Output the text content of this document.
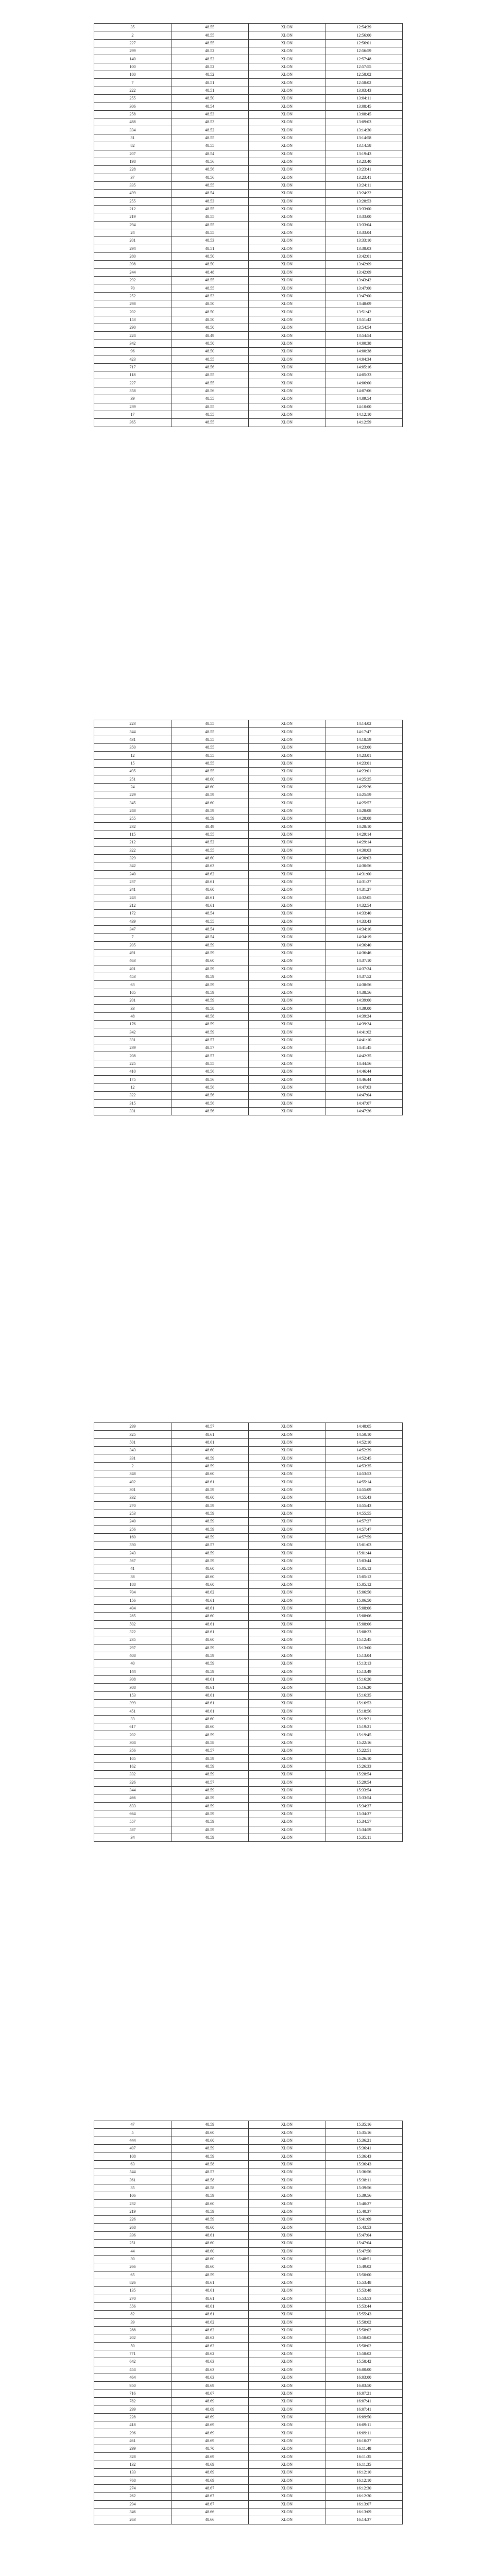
35	48.55	XLON	12:54:39
2	48.55	XLON	12:56:00
227	48.55	XLON	12:56:01
299	48.52	XLON	12:56:59
140	48.52	XLON	12:57:48
100	48.52	XLON	12:57:55
180	48.52	XLON	12:58:02
7	48.51	XLON	12:58:02
222	48.51	XLON	13:03:43
255	48.50	XLON	13:04:11
306	48.54	XLON	13:08:45
258	48.53	XLON	13:08:45
488	48.53	XLON	13:09:03
334	48.52	XLON	13:14:30
31	48.55	XLON	13:14:58
82	48.55	XLON	13:14:58
207	48.54	XLON	13:19:43
198	48.56	XLON	13:23:40
228	48.56	XLON	13:23:41
37	48.56	XLON	13:23:41
335	48.55	XLON	13:24:11
439	48.54	XLON	13:24:22
255	48.53	XLON	13:28:53
212	48.55	XLON	13:33:00
219	48.55	XLON	13:33:00
294	48.55	XLON	13:33:04
24	48.55	XLON	13:33:04
201	48.53	XLON	13:33:10
294	48.51	XLON	13:38:03
280	48.50	XLON	13:42:01
398	48.50	XLON	13:42:09
244	48.48	XLON	13:42:09
292	48.55	XLON	13:43:42
70	48.55	XLON	13:47:00
252	48.53	XLON	13:47:00
298	48.50	XLON	13:48:09
202	48.50	XLON	13:51:42
153	48.50	XLON	13:51:42
290	48.50	XLON	13:54:54
224	48.49	XLON	13:54:54
342	48.50	XLON	14:00:38
96	48.50	XLON	14:00:38
423	48.55	XLON	14:04:34
717	48.56	XLON	14:05:16
118	48.55	XLON	14:05:33
227	48.55	XLON	14:06:00
358	48.56	XLON	14:07:06
39	48.55	XLON	14:09:54
239	48.55	XLON	14:10:00
17	48.55	XLON	14:12:10
365	48.55	XLON	14:12:59
223	48.55	XLON	14:14:02
344	48.55	XLON	14:17:47
431	48.55	XLON	14:18:59
350	48.55	XLON	14:23:00
12	48.55	XLON	14:23:01
15	48.55	XLON	14:23:01
495	48.55	XLON	14:23:01
251	48.60	XLON	14:25:25
24	48.60	XLON	14:25:26
229	48.59	XLON	14:25:59
345	48.60	XLON	14:25:57
248	48.59	XLON	14:28:08
255	48.59	XLON	14:28:08
232	48.49	XLON	14:28:10
115	48.55	XLON	14:29:14
212	48.52	XLON	14:29:14
322	48.55	XLON	14:30:03
329	48.60	XLON	14:30:03
342	48.63	XLON	14:30:56
240	48.62	XLON	14:31:00
237	48.61	XLON	14:31:27
241	48.60	XLON	14:31:27
243	48.61	XLON	14:32:05
212	48.61	XLON	14:32:54
172	48.54	XLON	14:33:40
439	48.55	XLON	14:33:43
347	48.54	XLON	14:34:16
7	48.54	XLON	14:34:19
205	48.59	XLON	14:36:40
491	48.59	XLON	14:36:46
463	48.60	XLON	14:37:10
401	48.59	XLON	14:37:24
453	48.59	XLON	14:37:52
63	48.59	XLON	14:38:56
105	48.59	XLON	14:38:56
201	48.59	XLON	14:39:00
33	48.58	XLON	14:39:00
48	48.58	XLON	14:39:24
176	48.59	XLON	14:39:24
342	48.59	XLON	14:41:02
331	48.57	XLON	14:41:10
239	48.57	XLON	14:41:45
208	48.57	XLON	14:42:35
225	48.55	XLON	14:44:56
410	48.56	XLON	14:46:44
175	48.56	XLON	14:46:44
12	48.56	XLON	14:47:03
322	48.56	XLON	14:47:04
315	48.56	XLON	14:47:07
331	48.56	XLON	14:47:26
299	48.57	XLON	14:48:05
325	48.61	XLON	14:50:10
501	48.61	XLON	14:52:10
343	48.60	XLON	14:52:39
331	48.59	XLON	14:52:45
2	48.59	XLON	14:53:35
348	48.60	XLON	14:53:53
402	48.61	XLON	14:55:14
301	48.59	XLON	14:55:09
332	48.60	XLON	14:55:43
270	48.59	XLON	14:55:43
253	48.59	XLON	14:55:55
240	48.59	XLON	14:57:27
256	48.59	XLON	14:57:47
160	48.59	XLON	14:57:59
330	48.57	XLON	15:01:03
243	48.59	XLON	15:01:44
567	48.59	XLON	15:03:44
41	48.60	XLON	15:05:12
38	48.60	XLON	15:05:12
188	48.60	XLON	15:05:12
704	48.62	XLON	15:06:50
156	48.61	XLON	15:06:50
404	48.61	XLON	15:08:06
285	48.60	XLON	15:08:06
502	48.61	XLON	15:08:06
322	48.61	XLON	15:08:23
235	48.60	XLON	15:12:45
297	48.59	XLON	15:13:00
408	48.59	XLON	15:13:04
40	48.59	XLON	15:13:13
144	48.59	XLON	15:13:49
308	48.61	XLON	15:16:20
308	48.61	XLON	15:16:20
153	48.61	XLON	15:16:35
399	48.61	XLON	15:16:53
451	48.61	XLON	15:18:56
33	48.60	XLON	15:19:21
617	48.60	XLON	15:19:21
202	48.59	XLON	15:19:45
304	48.58	XLON	15:22:16
356	48.57	XLON	15:22:51
105	48.59	XLON	15:26:10
162	48.59	XLON	15:26:33
332	48.59	XLON	15:28:54
326	48.57	XLON	15:29:54
344	48.59	XLON	15:33:54
466	48.59	XLON	15:33:54
833	48.59	XLON	15:34:37
664	48.59	XLON	15:34:37
557	48.59	XLON	15:34:57
587	48.59	XLON	15:34:59
34	48.59	XLON	15:35:11
47	48.59	XLON	15:35:16
5	48.60	XLON	15:35:16
444	48.60	XLON	15:36:21
407	48.59	XLON	15:36:41
108	48.59	XLON	15:36:43
63	48.58	XLON	15:36:43
544	48.57	XLON	15:36:56
361	48.58	XLON	15:38:11
35	48.58	XLON	15:39:56
106	48.59	XLON	15:39:56
232	48.60	XLON	15:40:27
219	48.59	XLON	15:40:37
226	48.59	XLON	15:41:09
268	48.60	XLON	15:43:53
336	48.61	XLON	15:47:04
251	48.60	XLON	15:47:04
44	48.60	XLON	15:47:50
30	48.60	XLON	15:48:51
266	48.60	XLON	15:49:02
65	48.59	XLON	15:50:00
826	48.61	XLON	15:53:48
135	48.61	XLON	15:53:48
270	48.61	XLON	15:53:53
556	48.61	XLON	15:53:44
82	48.61	XLON	15:55:43
39	48.62	XLON	15:58:02
288	48.62	XLON	15:58:02
202	48.62	XLON	15:58:02
50	48.62	XLON	15:58:02
771	48.62	XLON	15:58:02
642	48.63	XLON	15:58:42
454	48.63	XLON	16:00:00
464	48.63	XLON	16:03:00
950	48.69	XLON	16:03:50
716	48.67	XLON	16:07:21
782	48.69	XLON	16:07:41
299	48.69	XLON	16:07:41
228	48.69	XLON	16:09:50
418	48.69	XLON	16:09:11
296	48.69	XLON	16:09:11
461	48.69	XLON	16:10:27
299	48.70	XLON	16:11:48
328	48.69	XLON	16:11:35
132	48.69	XLON	16:11:35
133	48.69	XLON	16:12:10
768	48.69	XLON	16:12:10
274	48.67	XLON	16:12:30
262	48.67	XLON	16:12:30
294	48.67	XLON	16:13:07
346	48.66	XLON	16:13:09
263	48.66	XLON	16:14:37
